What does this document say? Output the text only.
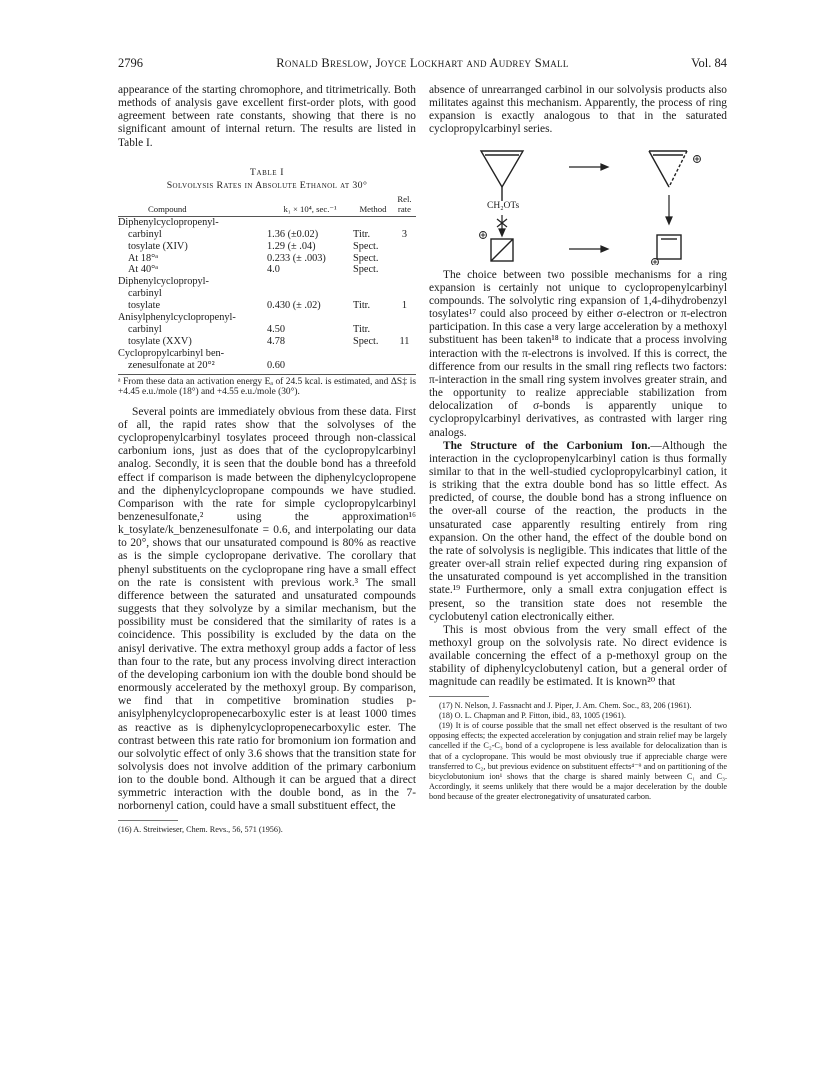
2796	Ronald Breslow, Joyce Lockhart and Audrey Small	Vol. 84

appearance of the starting chromophore, and titrimetrically. Both methods of analysis gave excellent first-order plots, with good agreement between rate constants, showing that there is no significant amount of internal return. The results are listed in Table I.

Table I
Solvolysis Rates in Absolute Ethanol at 30°
Compound	k₁ × 10⁴, sec.⁻¹	Method	Rel. rate
Diphenylcyclopropenyl-			
carbinyl	1.36 (±0.02)	Titr.	3
tosylate (XIV)	1.29 (± .04)	Spect.	
At 18°ᵃ	0.233 (± .003)	Spect.	
At 40°ᵃ	4.0	Spect.	
Diphenylcyclopropyl-			
carbinyl			
tosylate	0.430 (± .02)	Titr.	1
Anisylphenylcyclopropenyl-			
carbinyl	4.50	Titr.	
tosylate (XXV)	4.78	Spect.	11
Cyclopropylcarbinyl ben-			
zenesulfonate at 20°²	0.60		
ᵃ From these data an activation energy Eₐ of 24.5 kcal. is estimated, and ΔS‡ is +4.45 e.u./mole (18°) and +4.55 e.u./mole (30°).

Several points are immediately obvious from these data. First of all, the rapid rates show that the solvolyses of the cyclopropenylcarbinyl tosylates proceed through non-classical carbonium ions, just as does that of the cyclopropylcarbinyl analog. Secondly, it is seen that the double bond has a threefold effect if comparison is made between the diphenylcyclopropene and the diphenylcyclopropane compounds we have studied. Comparison with the rate for simple cyclopropylcarbinyl benzenesulfonate,² using the approximation¹⁶ k_tosylate/k_benzenesulfonate = 0.6, and interpolating our data to 20°, shows that our unsaturated compound is 80% as reactive as is the simple cyclopropane derivative. The corollary that phenyl substituents on the cyclopropane ring have a small effect on the rate is consistent with previous work.³ The small difference between the saturated and unsaturated compounds suggests that they solvolyze by a similar mechanism, but the possibility must be considered that the similarity of rates is a coincidence. This possibility is excluded by the data on the anisyl derivative. The extra methoxyl group adds a factor of less than four to the rate, but any process involving direct interaction of the developing carbonium ion with the double bond should be enormously accelerated by the methoxyl group. By comparison, we find that in competitive bromination studies p-anisylphenylcyclopropenecarboxylic ester is at least 1000 times as reactive as is diphenylcyclopropenecarboxylic ester. The contrast between this rate ratio for bromonium ion formation and our solvolytic effect of only 3.6 shows that the transition state for solvolysis does not involve addition of the primary carbonium ion to the double bond. Although it can be argued that a direct symmetric interaction with the double bond, as in the 7-norbornenyl cation, could have a small substituent effect, the

(16) A. Streitwieser, Chem. Revs., 56, 571 (1956).

absence of unrearranged carbinol in our solvolysis products also militates against this mechanism. Apparently, the process of ring expansion is exactly analogous to that in the saturated cyclopropylcarbinyl series.

CH₂OTs

The choice between two possible mechanisms for a ring expansion is certainly not unique to cyclopropenylcarbinyl compounds. The solvolytic ring expansion of 1,4-dihydrobenzyl tosylates¹⁷ could also proceed by either σ-electron or π-electron participation. In this case a very large acceleration by a methoxyl substituent has been taken¹⁸ to indicate that a process involving interaction with the π-electrons is involved. If this is correct, the difference from our results in the small ring reflects two factors: π-interaction in the small ring system involves greater strain, and the opportunity to realize appreciable stabilization from delocalization of σ-bonds is apparently unique to cyclopropylcarbinyl derivatives, as contrasted with larger ring analogs.

The Structure of the Carbonium Ion.—Although the interaction in the cyclopropenylcarbinyl cation is thus formally similar to that in the well-studied cyclopropylcarbinyl cation, it is striking that the extra double bond has so little effect. As predicted, of course, the double bond has a strong influence on the over-all course of the reaction, the products in the unsaturated case apparently resulting entirely from ring expansion. On the other hand, the effect of the double bond on the rate of solvolysis is negligible. This indicates that little of the greater over-all strain relief expected during ring expansion of the unsaturated compound is yet accomplished in the transition state.¹⁹ Furthermore, only a small extra conjugation effect is present, so the transition state does not resemble the cyclobutenyl cation electronically either.

This is most obvious from the very small effect of the methoxyl group on the solvolysis rate. No direct evidence is available concerning the effect of a p-methoxyl group on the stability of diphenylcyclobutenyl cation, but a general order of magnitude can readily be estimated. It is known²⁰ that

(17) N. Nelson, J. Fassnacht and J. Piper, J. Am. Chem. Soc., 83, 206 (1961).
(18) O. L. Chapman and P. Fitton, ibid., 83, 1005 (1961).
(19) It is of course possible that the small net effect observed is the resultant of two opposing effects; the expected acceleration by conjugation and strain relief may be largely cancelled if the C₂-C₃ bond of a cyclopropene is less available for delocalization than is that of a cyclopropane. This would be most obviously true if appreciable charge were transferred to C₂, but previous evidence on substituent effects⁴⁻⁹ and on partitioning of the bicyclobutonium ion¹ shows that the charge is shared mainly between C₁ and C₃. Accordingly, it seems unlikely that there would be a major deceleration by the double bond because of the greater electronegativity of unsaturated carbon.
